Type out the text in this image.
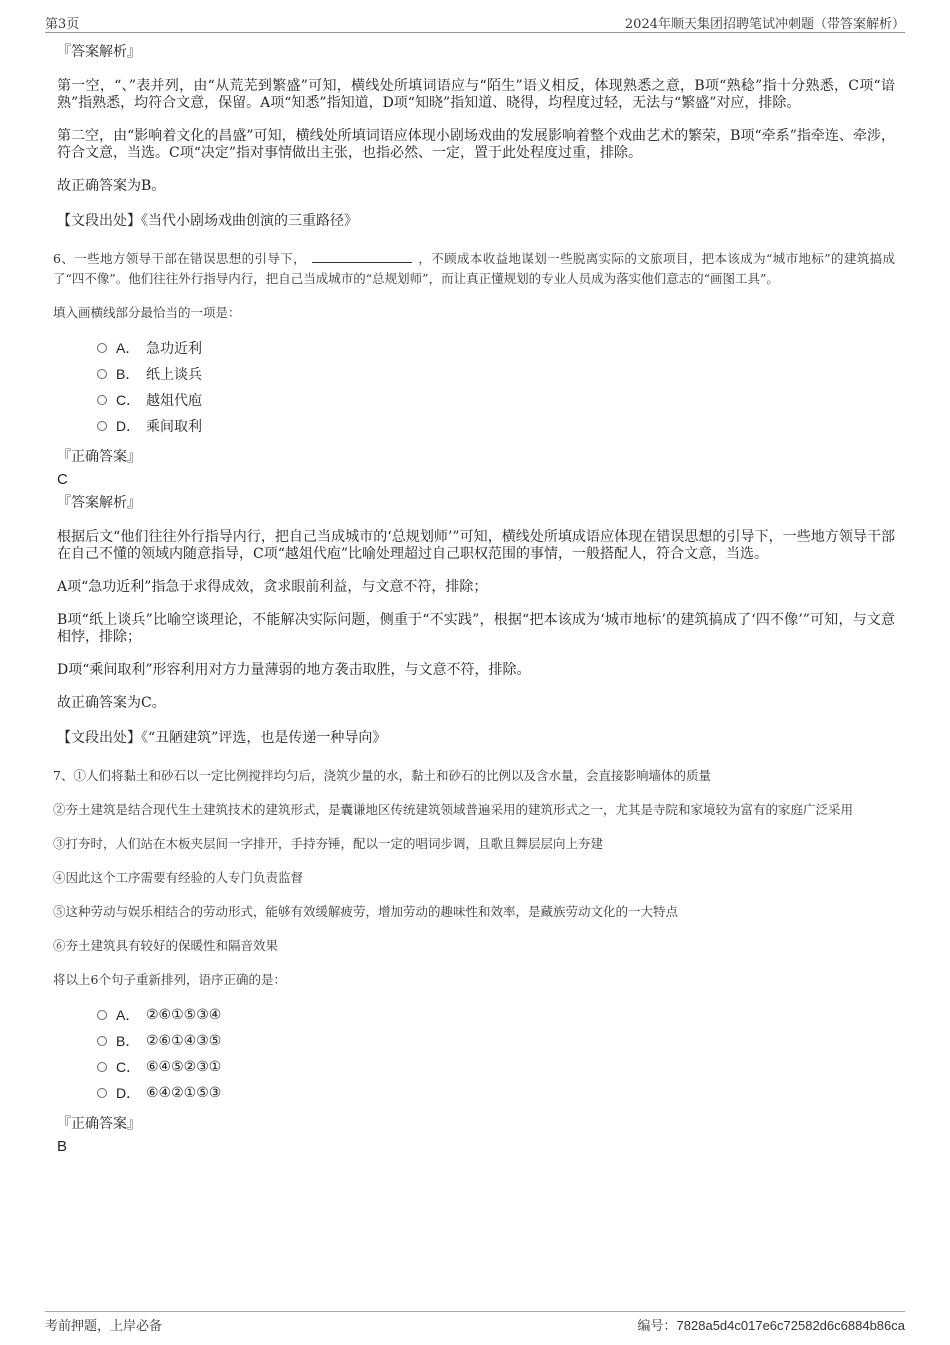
第3页	2024年顺天集团招聘笔试冲刺题（带答案解析）
『答案解析』
第一空，“、”表并列，由“从荒芜到繁盛”可知，横线处所填词语应与“陌生”语义相反，体现熟悉之意，B项“熟稔”指十分熟悉，C项“谙熟”指熟悉，均符合文意，保留。A项“知悉”指知道，D项“知晓”指知道、晓得，均程度过轻，无法与“繁盛”对应，排除。
第二空，由“影响着文化的昌盛”可知，横线处所填词语应体现小剧场戏曲的发展影响着整个戏曲艺术的繁荣，B项“牵系”指牵连、牵涉，符合文意，当选。C项“决定”指对事情做出主张，也指必然、一定，置于此处程度过重，排除。
故正确答案为B。
【文段出处】《当代小剧场戏曲创演的三重路径》
6、一些地方领导干部在错误思想的引导下，	，不顾成本收益地谋划一些脱离实际的文旅项目，把本该成为“城市地标”的建筑搞成了“四不像”。他们往往外行指导内行，把自己当成城市的“总规划师”，而让真正懂规划的专业人员成为落实他们意志的“画图工具”。
填入画横线部分最恰当的一项是：
A． 急功近利
B． 纸上谈兵
C． 越俎代庖
D． 乘间取利
『正确答案』
C
『答案解析』
根据后文“他们往往外行指导内行，把自己当成城市的‘总规划师’”可知，横线处所填成语应体现在错误思想的引导下，一些地方领导干部在自己不懂的领域内随意指导，C项“越俎代庖”比喻处理超过自己职权范围的事情，一般搭配人，符合文意，当选。
A项“急功近利”指急于求得成效，贪求眼前利益，与文意不符，排除；
B项“纸上谈兵”比喻空谈理论，不能解决实际问题，侧重于“不实践”，根据“把本该成为‘城市地标’的建筑搞成了‘四不像’”可知，与文意相悖，排除；
D项“乘间取利”形容利用对方力量薄弱的地方袭击取胜，与文意不符，排除。
故正确答案为C。
【文段出处】《“丑陋建筑”评选，也是传递一种导向》
7、①人们将黏土和砂石以一定比例搅拌均匀后，浇筑少量的水，黏土和砂石的比例以及含水量，会直接影响墙体的质量
②夯土建筑是结合现代生土建筑技术的建筑形式，是囊谦地区传统建筑领域普遍采用的建筑形式之一，尤其是寺院和家境较为富有的家庭广泛采用
③打夯时，人们站在木板夹层间一字排开，手持夯锤，配以一定的唱词步调，且歌且舞层层向上夯建
④因此这个工序需要有经验的人专门负责监督
⑤这种劳动与娱乐相结合的劳动形式，能够有效缓解疲劳，增加劳动的趣味性和效率，是藏族劳动文化的一大特点
⑥夯土建筑具有较好的保暖性和隔音效果
将以上6个句子重新排列，语序正确的是：
A． ②⑥①⑤③④
B． ②⑥①④③⑤
C． ⑥④⑤②③①
D． ⑥④②①⑤③
『正确答案』
B
考前押题，上岸必备	编号：7828a5d4c017e6c72582d6c6884b86ca
